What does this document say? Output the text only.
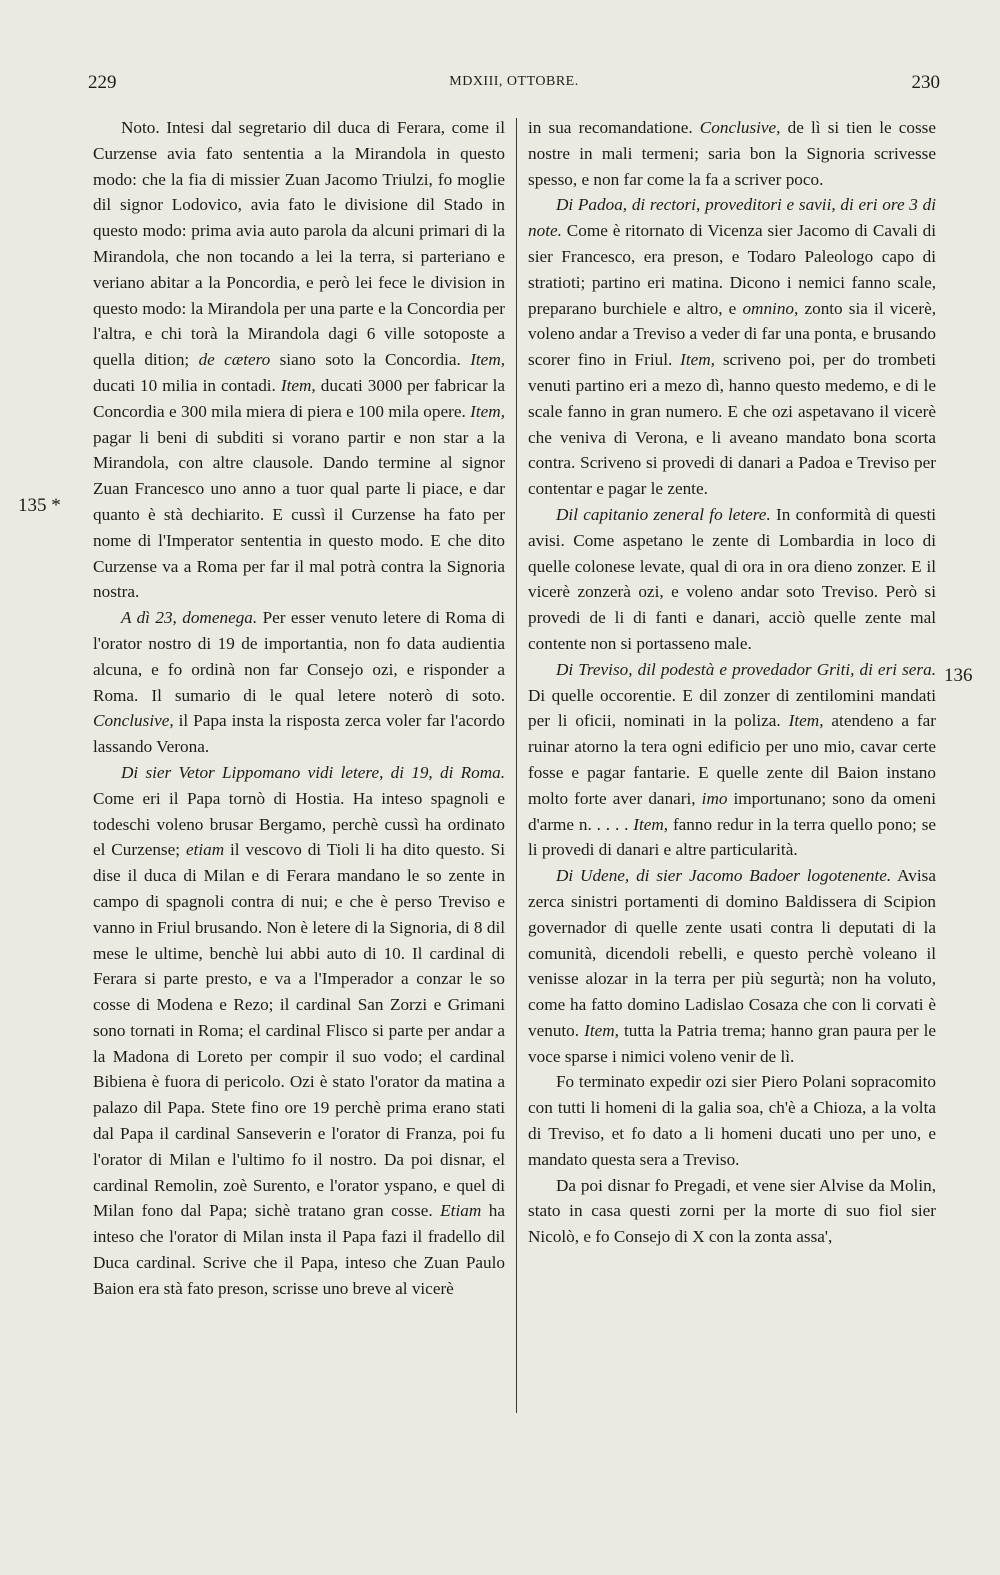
229	MDXIII, OTTOBRE.	230
135 *
136

Noto. Intesi dal segretario dil duca di Ferara, come il Curzense avia fato sententia a la Mirandola in questo modo: che la fia di missier Zuan Jacomo Triulzi, fo moglie dil signor Lodovico, avia fato le divisione dil Stado in questo modo: prima avia auto parola da alcuni primari di la Mirandola, che non tocando a lei la terra, si parteriano e veriano abitar a la Poncordia, e però lei fece le division in questo modo: la Mirandola per una parte e la Concordia per l'altra, e chi torà la Mirandola dagi 6 ville sotoposte a quella dition; de cætero siano soto la Concordia. Item, ducati 10 milia in contadi. Item, ducati 3000 per fabricar la Concordia e 300 mila miera di piera e 100 mila opere. Item, pagar li beni di subditi si vorano partir e non star a la Mirandola, con altre clausole. Dando termine al signor Zuan Francesco uno anno a tuor qual parte li piace, e dar quanto è stà dechiarito. E cussì il Curzense ha fato per nome di l'Imperator sententia in questo modo. E che dito Curzense va a Roma per far il mal potrà contra la Signoria nostra.

A dì 23, domenega. Per esser venuto letere di Roma di l'orator nostro di 19 de importantia, non fo data audientia alcuna, e fo ordinà non far Consejo ozi, e risponder a Roma. Il sumario di le qual letere noterò di soto. Conclusive, il Papa insta la risposta zerca voler far l'acordo lassando Verona.

Di sier Vetor Lippomano vidi letere, di 19, di Roma. Come eri il Papa tornò di Hostia. Ha inteso spagnoli e todeschi voleno brusar Bergamo, perchè cussì ha ordinato el Curzense; etiam il vescovo di Tioli li ha dito questo. Si dise il duca di Milan e di Ferara mandano le so zente in campo di spagnoli contra di nui; e che è perso Treviso e vanno in Friul brusando. Non è letere di la Signoria, di 8 dil mese le ultime, benchè lui abbi auto di 10. Il cardinal di Ferara si parte presto, e va a l'Imperador a conzar le so cosse di Modena e Rezo; il cardinal San Zorzi e Grimani sono tornati in Roma; el cardinal Flisco si parte per andar a la Madona di Loreto per compir il suo vodo; el cardinal Bibiena è fuora di pericolo. Ozi è stato l'orator da matina a palazo dil Papa. Stete fino ore 19 perchè prima erano stati dal Papa il cardinal Sanseverin e l'orator di Franza, poi fu l'orator di Milan e l'ultimo fo il nostro. Da poi disnar, el cardinal Remolin, zoè Surento, e l'orator yspano, e quel di Milan fono dal Papa; sichè tratano gran cosse. Etiam ha inteso che l'orator di Milan insta il Papa fazi il fradello dil Duca cardinal. Scrive che il Papa, inteso che Zuan Paulo Baion era stà fato preson, scrisse uno breve al vicerè

in sua recomandatione. Conclusive, de lì si tien le cosse nostre in mali termeni; saria bon la Signoria scrivesse spesso, e non far come la fa a scriver poco.

Di Padoa, di rectori, proveditori e savii, di eri ore 3 di note. Come è ritornato di Vicenza sier Jacomo di Cavali di sier Francesco, era preson, e Todaro Paleologo capo di stratioti; partino eri matina. Dicono i nemici fanno scale, preparano burchiele e altro, e omnino, zonto sia il vicerè, voleno andar a Treviso a veder di far una ponta, e brusando scorer fino in Friul. Item, scriveno poi, per do trombeti venuti partino eri a mezo dì, hanno questo medemo, e di le scale fanno in gran numero. E che ozi aspetavano il vicerè che veniva di Verona, e li aveano mandato bona scorta contra. Scriveno si provedi di danari a Padoa e Treviso per contentar e pagar le zente.

Dil capitanio zeneral fo letere. In conformità di questi avisi. Come aspetano le zente di Lombardia in loco di quelle colonese levate, qual di ora in ora dieno zonzer. E il vicerè zonzerà ozi, e voleno andar soto Treviso. Però si provedi de li di fanti e danari, acciò quelle zente mal contente non si portasseno male.

Di Treviso, dil podestà e provedador Griti, di eri sera. Di quelle occorentie. E dil zonzer di zentilomini mandati per li oficii, nominati in la poliza. Item, atendeno a far ruinar atorno la tera ogni edificio per uno mio, cavar certe fosse e pagar fantarie. E quelle zente dil Baion instano molto forte aver danari, imo importunano; sono da omeni d'arme n. . . . . Item, fanno redur in la terra quello pono; se li provedi di danari e altre particularità.

Di Udene, di sier Jacomo Badoer logotenente. Avisa zerca sinistri portamenti di domino Baldissera di Scipion governador di quelle zente usati contra li deputati di la comunità, dicendoli rebelli, e questo perchè voleano il venisse alozar in la terra per più segurtà; non ha voluto, come ha fatto domino Ladislao Cosaza che con li corvati è venuto. Item, tutta la Patria trema; hanno gran paura per le voce sparse i nimici voleno venir de lì.

Fo terminato expedir ozi sier Piero Polani sopracomito con tutti li homeni di la galia soa, ch'è a Chioza, a la volta di Treviso, et fo dato a li homeni ducati uno per uno, e mandato questa sera a Treviso.

Da poi disnar fo Pregadi, et vene sier Alvise da Molin, stato in casa questi zorni per la morte di suo fiol sier Nicolò, e fo Consejo di X con la zonta assa',
